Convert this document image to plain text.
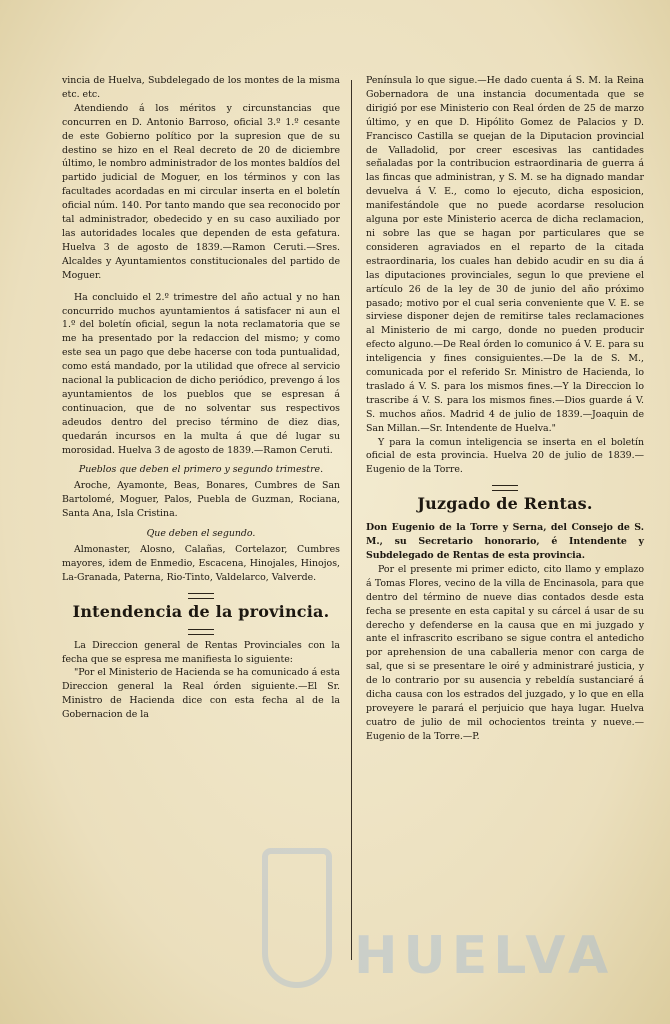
vincia de Huelva, Subdelegado de los montes de la misma etc. etc.

Atendiendo á los méritos y circunstancias que concurren en D. Antonio Barroso, oficial 3.º 1.º cesante de este Gobierno político por la supresion que de su destino se hizo en el Real decreto de 20 de diciembre último, le nombro administrador de los montes baldíos del partido judicial de Moguer, en los términos y con las facultades acordadas en mi circular inserta en el boletín oficial núm. 140. Por tanto mando que sea reconocido por tal administrador, obedecido y en su caso auxiliado por las autoridades locales que dependen de esta gefatura. Huelva 3 de agosto de 1839.—Ramon Ceruti.—Sres. Alcaldes y Ayuntamientos constitucionales del partido de Moguer.

Ha concluido el 2.º trimestre del año actual y no han concurrido muchos ayuntamientos á satisfacer ni aun el 1.º del boletín oficial, segun la nota reclamatoria que se me ha presentado por la redaccion del mismo; y como este sea un pago que debe hacerse con toda puntualidad, como está mandado, por la utilidad que ofrece al servicio nacional la publicacion de dicho periódico, prevengo á los ayuntamientos de los pueblos que se espresan á continuacion, que de no solventar sus respectivos adeudos dentro del preciso término de diez dias, quedarán incursos en la multa á que dé lugar su morosidad. Huelva 3 de agosto de 1839.—Ramon Ceruti.

Pueblos que deben el primero y segundo trimestre.

Aroche, Ayamonte, Beas, Bonares, Cumbres de San Bartolomé, Moguer, Palos, Puebla de Guzman, Rociana, Santa Ana, Isla Cristina.

Que deben el segundo.

Almonaster, Alosno, Calañas, Cortelazor, Cumbres mayores, idem de Enmedio, Escacena, Hinojales, Hinojos, La-Granada, Paterna, Rio-Tinto, Valdelarco, Valverde.

Intendencia de la provincia.

La Direccion general de Rentas Provinciales con la fecha que se espresa me manifiesta lo siguiente:

"Por el Ministerio de Hacienda se ha comunicado á esta Direccion general la Real órden siguiente.—El Sr. Ministro de Hacienda dice con esta fecha al de la Gobernacion de la

Península lo que sigue.—He dado cuenta á S. M. la Reina Gobernadora de una instancia documentada que se dirigió por ese Ministerio con Real órden de 25 de marzo último, y en que D. Hipólito Gomez de Palacios y D. Francisco Castilla se quejan de la Diputacion provincial de Valladolid, por creer escesivas las cantidades señaladas por la contribucion estraordinaria de guerra á las fincas que administran, y S. M. se ha dignado mandar devuelva á V. E., como lo ejecuto, dicha esposicion, manifestándole que no puede acordarse resolucion alguna por este Ministerio acerca de dicha reclamacion, ni sobre las que se hagan por particulares que se consideren agraviados en el reparto de la citada estraordinaria, los cuales han debido acudir en su dia á las diputaciones provinciales, segun lo que previene el artículo 26 de la ley de 30 de junio del año próximo pasado; motivo por el cual seria conveniente que V. E. se sirviese disponer dejen de remitirse tales reclamaciones al Ministerio de mi cargo, donde no pueden producir efecto alguno.—De Real órden lo comunico á V. E. para su inteligencia y fines consiguientes.—De la de S. M., comunicada por el referido Sr. Ministro de Hacienda, lo traslado á V. S. para los mismos fines.—Y la Direccion lo trascribe á V. S. para los mismos fines.—Dios guarde á V. S. muchos años. Madrid 4 de julio de 1839.—Joaquin de San Millan.—Sr. Intendente de Huelva."

Y para la comun inteligencia se inserta en el boletín oficial de esta provincia. Huelva 20 de julio de 1839.—Eugenio de la Torre.

Juzgado de Rentas.

Don Eugenio de la Torre y Serna, del Consejo de S. M., su Secretario honorario, é Intendente y Subdelegado de Rentas de esta provincia.

Por el presente mi primer edicto, cito llamo y emplazo á Tomas Flores, vecino de la villa de Encinasola, para que dentro del término de nueve dias contados desde esta fecha se presente en esta capital y su cárcel á usar de su derecho y defenderse en la causa que en mi juzgado y ante el infrascrito escribano se sigue contra el antedicho por aprehension de una caballeria menor con carga de sal, que si se presentare le oiré y administraré justicia, y de lo contrario por su ausencia y rebeldía sustanciaré á dicha causa con los estrados del juzgado, y lo que en ella proveyere le parará el perjuicio que haya lugar. Huelva cuatro de julio de mil ochocientos treinta y nueve.—Eugenio de la Torre.—P.

HUELVA
